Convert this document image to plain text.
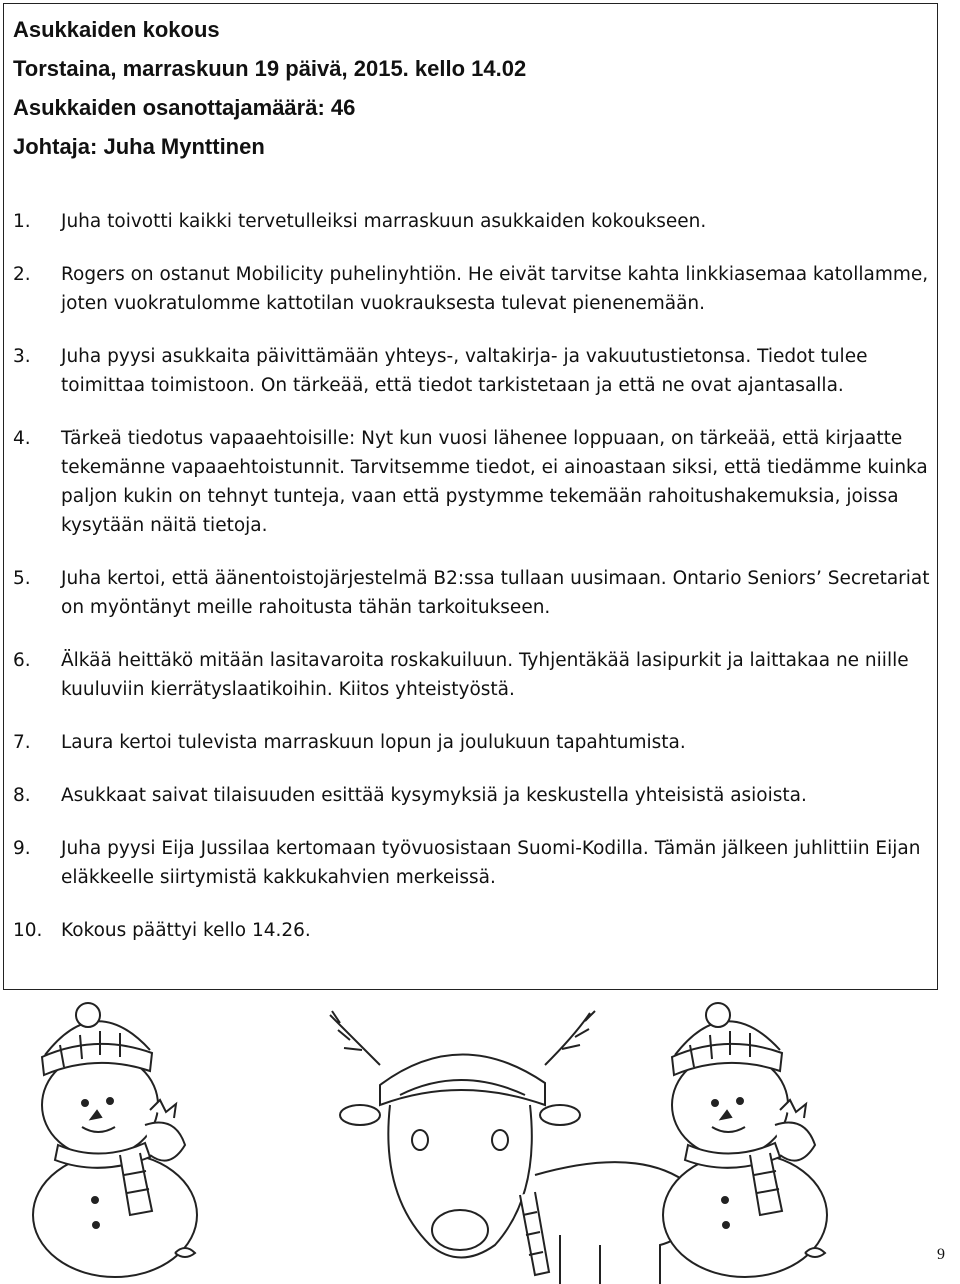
Asukkaiden kokous
Torstaina, marraskuun 19 päivä, 2015. kello 14.02
Asukkaiden osanottajamäärä: 46
Johtaja: Juha Mynttinen
1.	Juha toivotti kaikki tervetulleiksi marraskuun asukkaiden kokoukseen.
2.	Rogers on ostanut Mobilicity puhelinyhtiön. He eivät tarvitse kahta linkkiasemaa katollamme, joten vuokratulomme kattotilan vuokrauksesta tulevat pienenemään.
3.	Juha pyysi asukkaita päivittämään yhteys-, valtakirja- ja vakuutustietonsa. Tiedot tulee toimittaa toimistoon. On tärkeää, että tiedot tarkistetaan ja että ne ovat ajantasalla.
4.	Tärkeä tiedotus vapaaehtoisille: Nyt kun vuosi lähenee loppuaan, on tärkeää, että kirjaatte tekemänne vapaaehtoistunnit. Tarvitsemme tiedot, ei ainoastaan siksi, että tiedämme kuinka paljon kukin on tehnyt tunteja, vaan että pystymme tekemään rahoitushakemuksia, joissa kysytään näitä tietoja.
5.	Juha kertoi, että äänentoistojärjestelmä B2:ssa tullaan uusimaan. Ontario Seniors’ Secretariat on myöntänyt meille rahoitusta tähän tarkoitukseen.
6.	Älkää heittäkö mitään lasitavaroita roskakuiluun. Tyhjentäkää lasipurkit ja laittakaa ne niille kuuluviin kierrätyslaatikoihin. Kiitos yhteistyöstä.
7.	Laura kertoi tulevista marraskuun lopun ja joulukuun tapahtumista.
8.	Asukkaat saivat tilaisuuden esittää kysymyksiä ja keskustella yhteisistä asioista.
9.	Juha pyysi Eija Jussilaa kertomaan työvuosistaan Suomi-Kodilla. Tämän jälkeen juhlittiin Eijan eläkkeelle siirtymistä kakkukahvien merkeissä.
10.	Kokous päättyi kello 14.26.
9
